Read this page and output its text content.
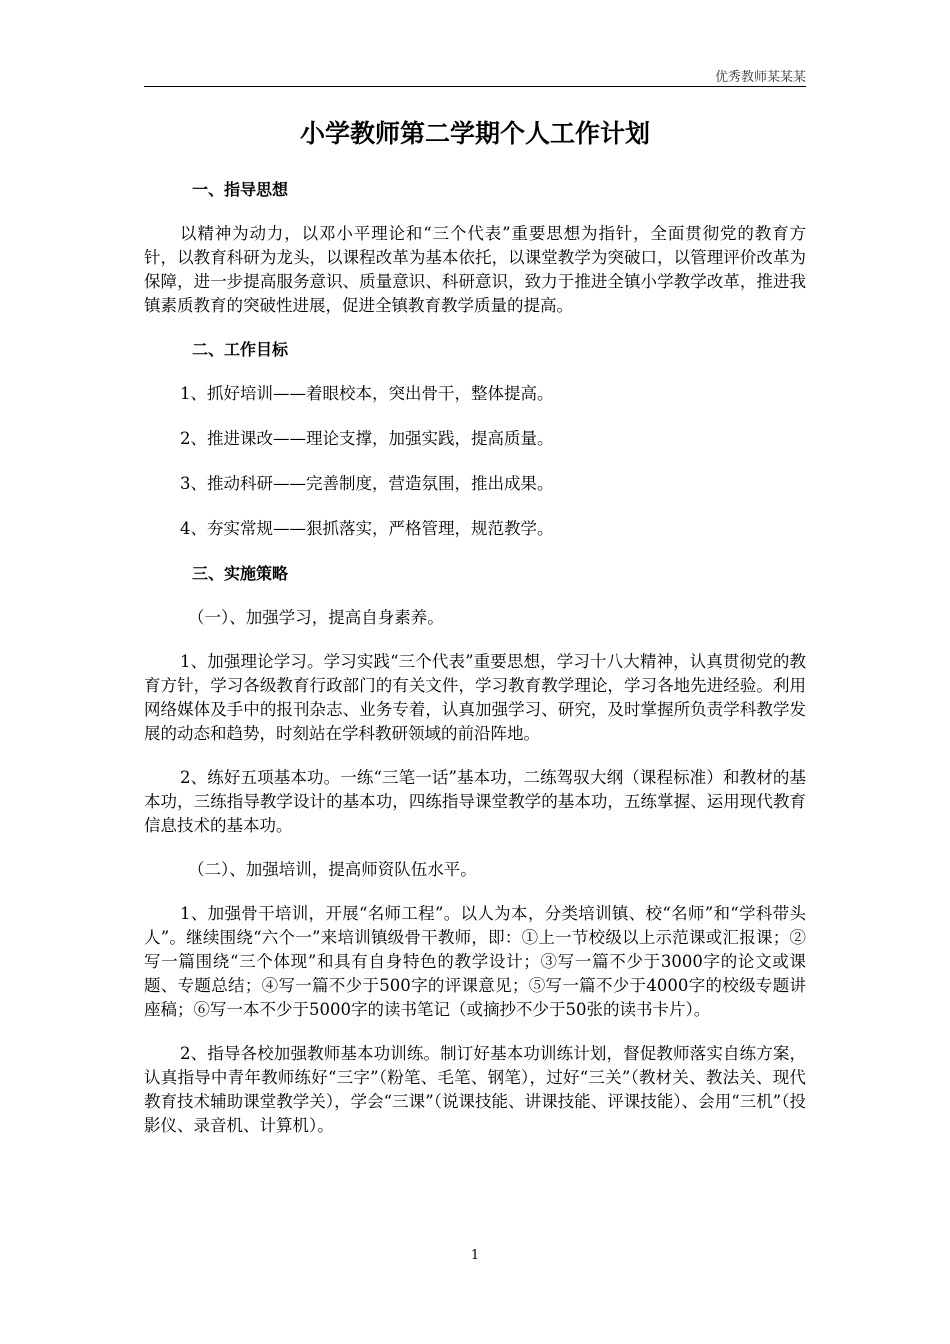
优秀教师某某某
小学教师第二学期个人工作计划
一、指导思想

以精神为动力，以邓小平理论和“三个代表”重要思想为指针，全面贯彻党的教育方针，以教育科研为龙头，以课程改革为基本依托，以课堂教学为突破口，以管理评价改革为保障，进一步提高服务意识、质量意识、科研意识，致力于推进全镇小学教学改革，推进我镇素质教育的突破性进展，促进全镇教育教学质量的提高。

二、工作目标
1、抓好培训——着眼校本，突出骨干，整体提高。
2、推进课改——理论支撑，加强实践，提高质量。
3、推动科研——完善制度，营造氛围，推出成果。
4、夯实常规——狠抓落实，严格管理，规范教学。
三、实施策略
（一）、加强学习，提高自身素养。

1、加强理论学习。学习实践“三个代表”重要思想，学习十八大精神，认真贯彻党的教育方针，学习各级教育行政部门的有关文件，学习教育教学理论，学习各地先进经验。利用网络媒体及手中的报刊杂志、业务专着，认真加强学习、研究，及时掌握所负责学科教学发展的动态和趋势，时刻站在学科教研领域的前沿阵地。

2、练好五项基本功。一练“三笔一话”基本功，二练驾驭大纲（课程标准）和教材的基本功，三练指导教学设计的基本功，四练指导课堂教学的基本功，五练掌握、运用现代教育信息技术的基本功。

（二）、加强培训，提高师资队伍水平。

1、加强骨干培训，开展“名师工程”。以人为本，分类培训镇、校“名师”和“学科带头人”。继续围绕“六个一”来培训镇级骨干教师，即：①上一节校级以上示范课或汇报课；②写一篇围绕“三个体现”和具有自身特色的教学设计；③写一篇不少于3000字的论文或课题、专题总结；④写一篇不少于500字的评课意见；⑤写一篇不少于4000字的校级专题讲座稿；⑥写一本不少于5000字的读书笔记（或摘抄不少于50张的读书卡片）。

2、指导各校加强教师基本功训练。制订好基本功训练计划，督促教师落实自练方案，认真指导中青年教师练好“三字”（粉笔、毛笔、钢笔），过好“三关”（教材关、教法关、现代教育技术辅助课堂教学关），学会“三课”（说课技能、讲课技能、评课技能）、会用“三机”（投影仪、录音机、计算机）。

1
